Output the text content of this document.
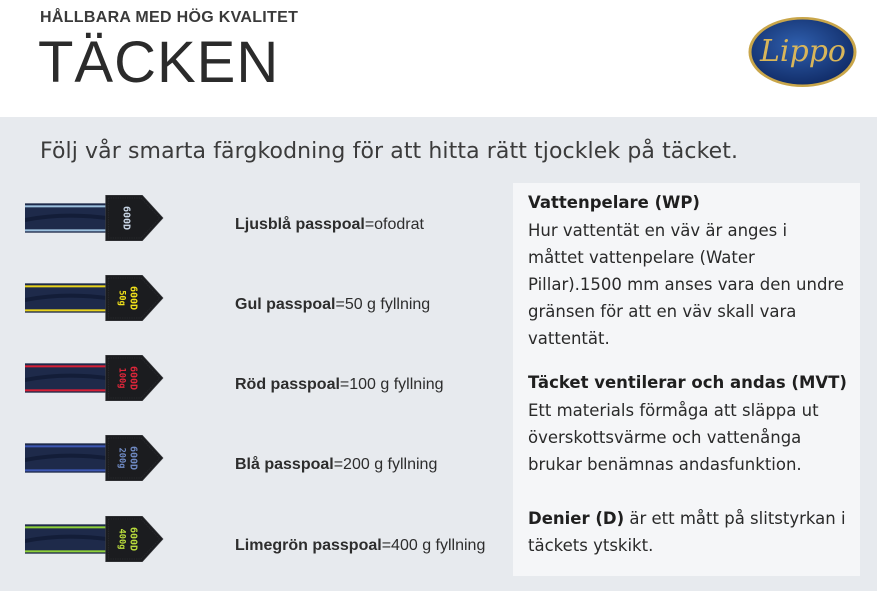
HÅLLBARA MED HÖG KVALITET
TÄCKEN	Lippo
Följ vår smarta färgkodning för att hitta rätt tjocklek på täcket.
600D	Ljusblå passpoal=ofodrat
600D
50g	Gul passpoal=50 g fyllning
600D
100g	Röd passpoal=100 g fyllning
600D
200g	Blå passpoal=200 g fyllning
600D
400g	Limegrön passpoal=400 g fyllning
Vattenpelare (WP)
Hur vattentät en väv är anges i måttet vattenpelare (Water Pillar).1500 mm anses vara den undre gränsen för att en väv skall vara vattentät.
Täcket ventilerar och andas (MVT)
Ett materials förmåga att släppa ut överskottsvärme och vattenånga brukar benämnas andasfunktion.
Denier (D) är ett mått på slitstyrkan i täckets ytskikt.
